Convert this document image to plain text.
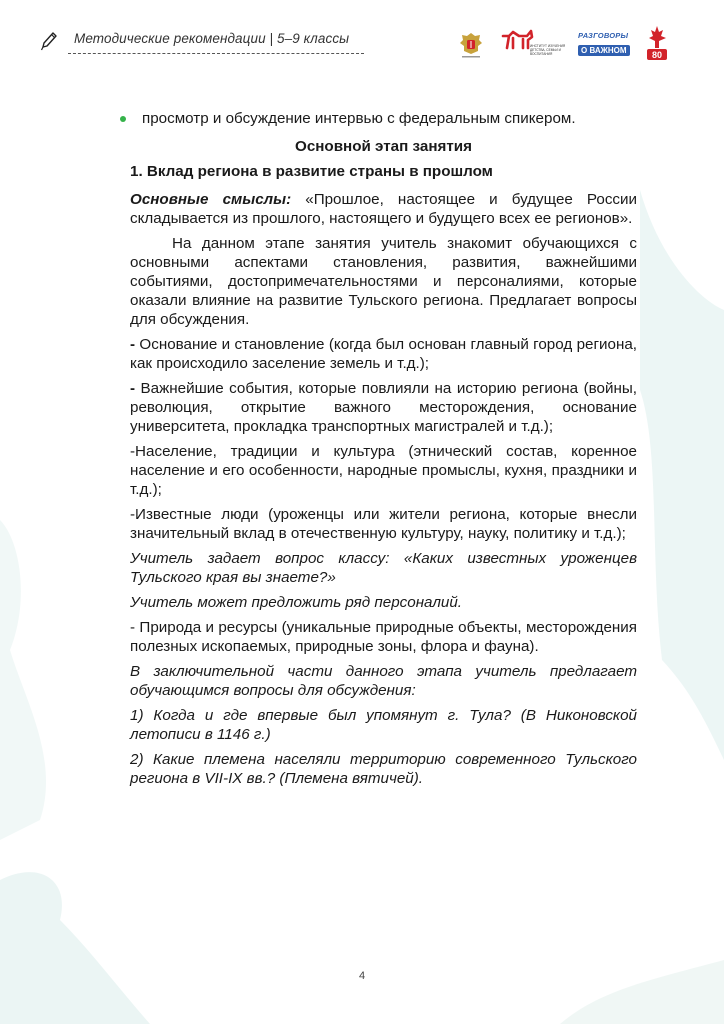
Методические рекомендации | 5–9 классы	ИНСТИТУТ ИЗУЧЕНИЯ ДЕТСТВА, СЕМЬИ И ВОСПИТАНИЯ
РАЗГОВОРЫ
О ВАЖНОМ	80
просмотр и обсуждение интервью с федеральным спикером.

Основной этап занятия

1. Вклад региона в развитие страны в прошлом

Основные смыслы: «Прошлое, настоящее и будущее России складывается из прошлого, настоящего и будущего всех ее регионов».

На данном этапе занятия учитель знакомит обучающихся с основными аспектами становления, развития, важнейшими событиями, достопримечательностями и персоналиями, которые оказали влияние на развитие Тульского региона. Предлагает вопросы для обсуждения.

- Основание и становление (когда был основан главный город региона, как происходило заселение земель и т.д.);

- Важнейшие события, которые повлияли на историю региона (войны, революция, открытие важного месторождения, основание университета, прокладка транспортных магистралей и т.д.);

-Население, традиции и культура (этнический состав, коренное население и его особенности, народные промыслы, кухня, праздники и т.д.);

-Известные люди (уроженцы или жители региона, которые внесли значительный вклад в отечественную культуру, науку, политику и т.д.);

Учитель задает вопрос классу: «Каких известных уроженцев Тульского края вы знаете?»

Учитель может предложить ряд персоналий.

- Природа и ресурсы (уникальные природные объекты, месторождения полезных ископаемых, природные зоны, флора и фауна).

В заключительной части данного этапа учитель предлагает обучающимся вопросы для обсуждения:

1) Когда и где впервые был упомянут г. Тула? (В Никоновской летописи в 1146 г.)

2) Какие племена населяли территорию современного Тульского региона в VII-IX вв.? (Племена вятичей).

4
